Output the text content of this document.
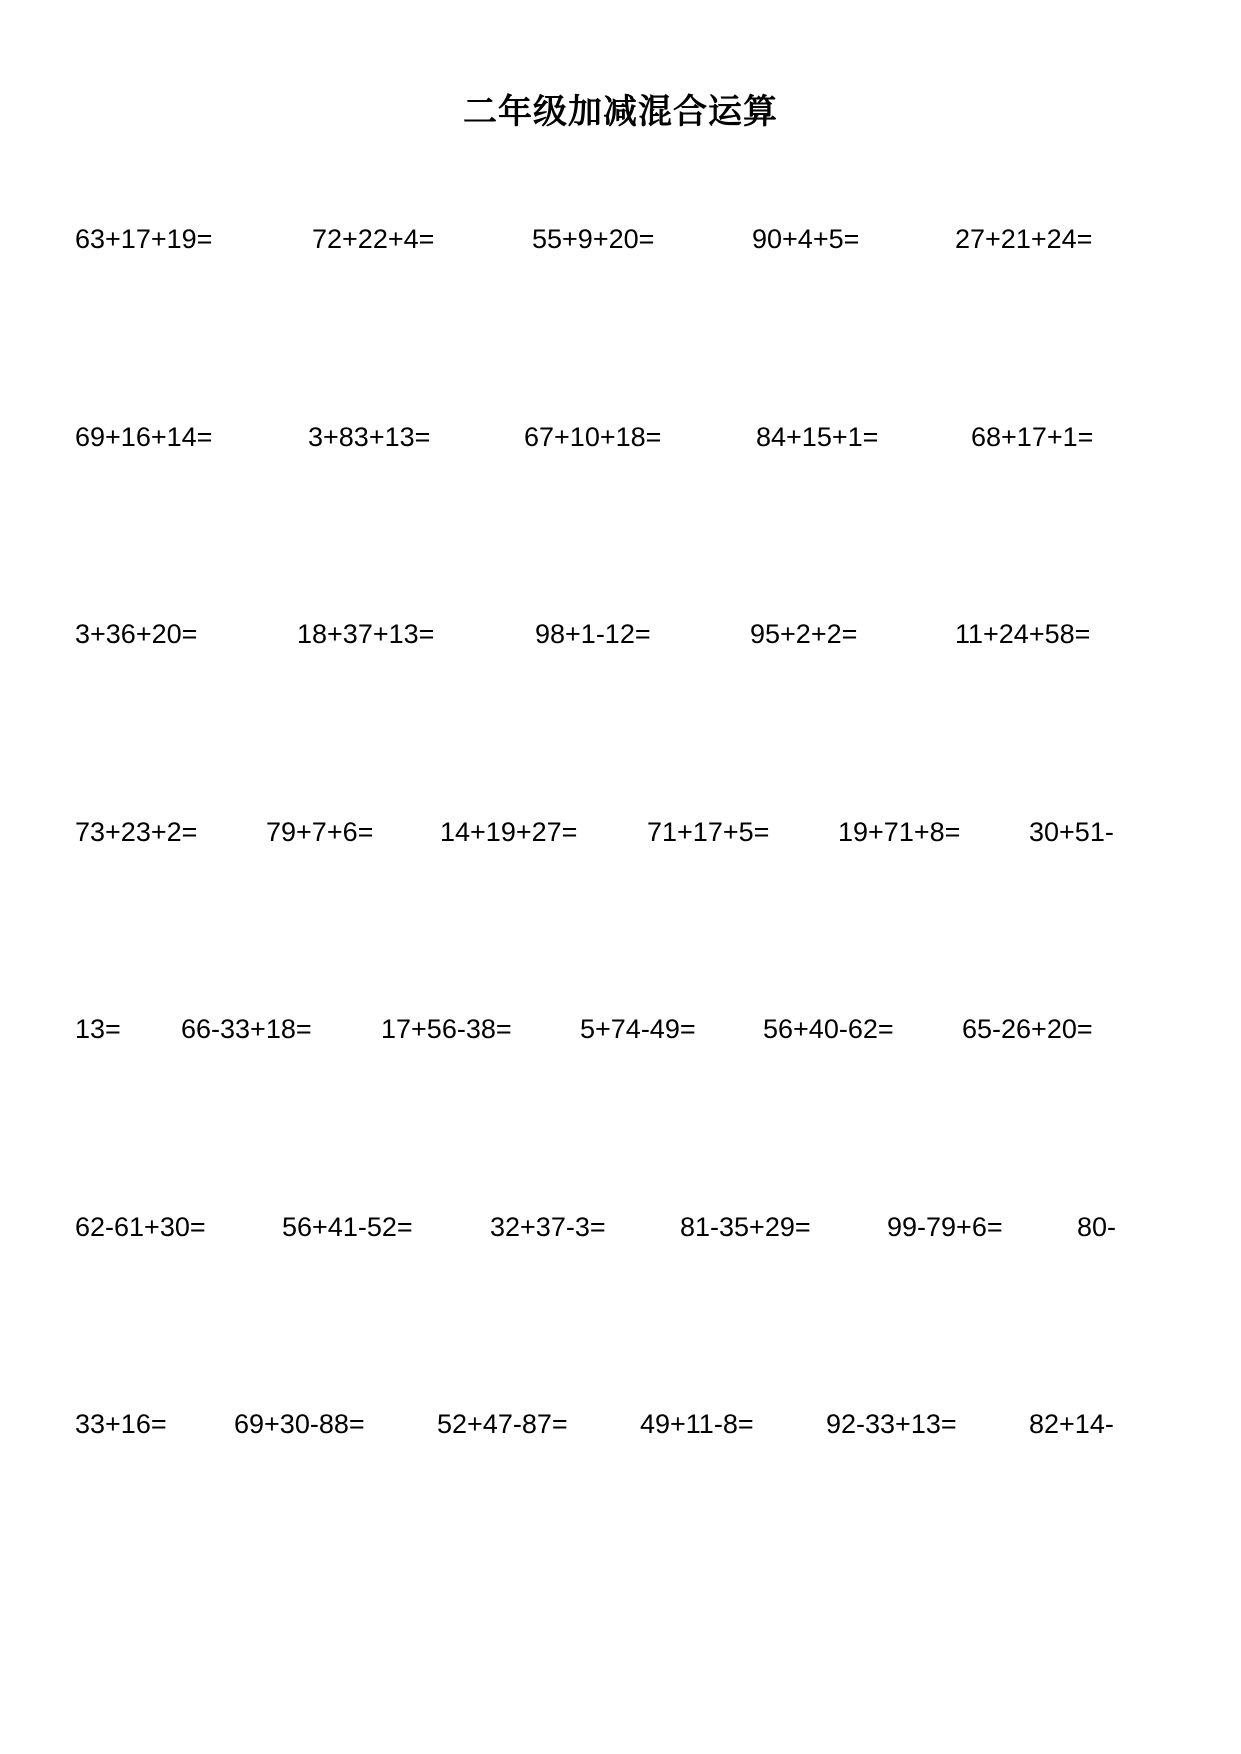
二年级加减混合运算
63+17+19=	72+22+4=	55+9+20=	90+4+5=	27+21+24=
69+16+14=	3+83+13=	67+10+18=	84+15+1=	68+17+1=
3+36+20=	18+37+13=	98+1-12=	95+2+2=	11+24+58=
73+23+2=	79+7+6= 14+19+27=	71+17+5=	19+71+8=	30+51-
13= 66-33+18=	17+56-38=	5+74-49= 56+40-62=	65-26+20=
62-61+30=	56+41-52=	32+37-3=	81-35+29=	99-79+6=	80-
33+16= 69+30-88=	52+47-87=	49+11-8=	92-33+13=	82+14-
